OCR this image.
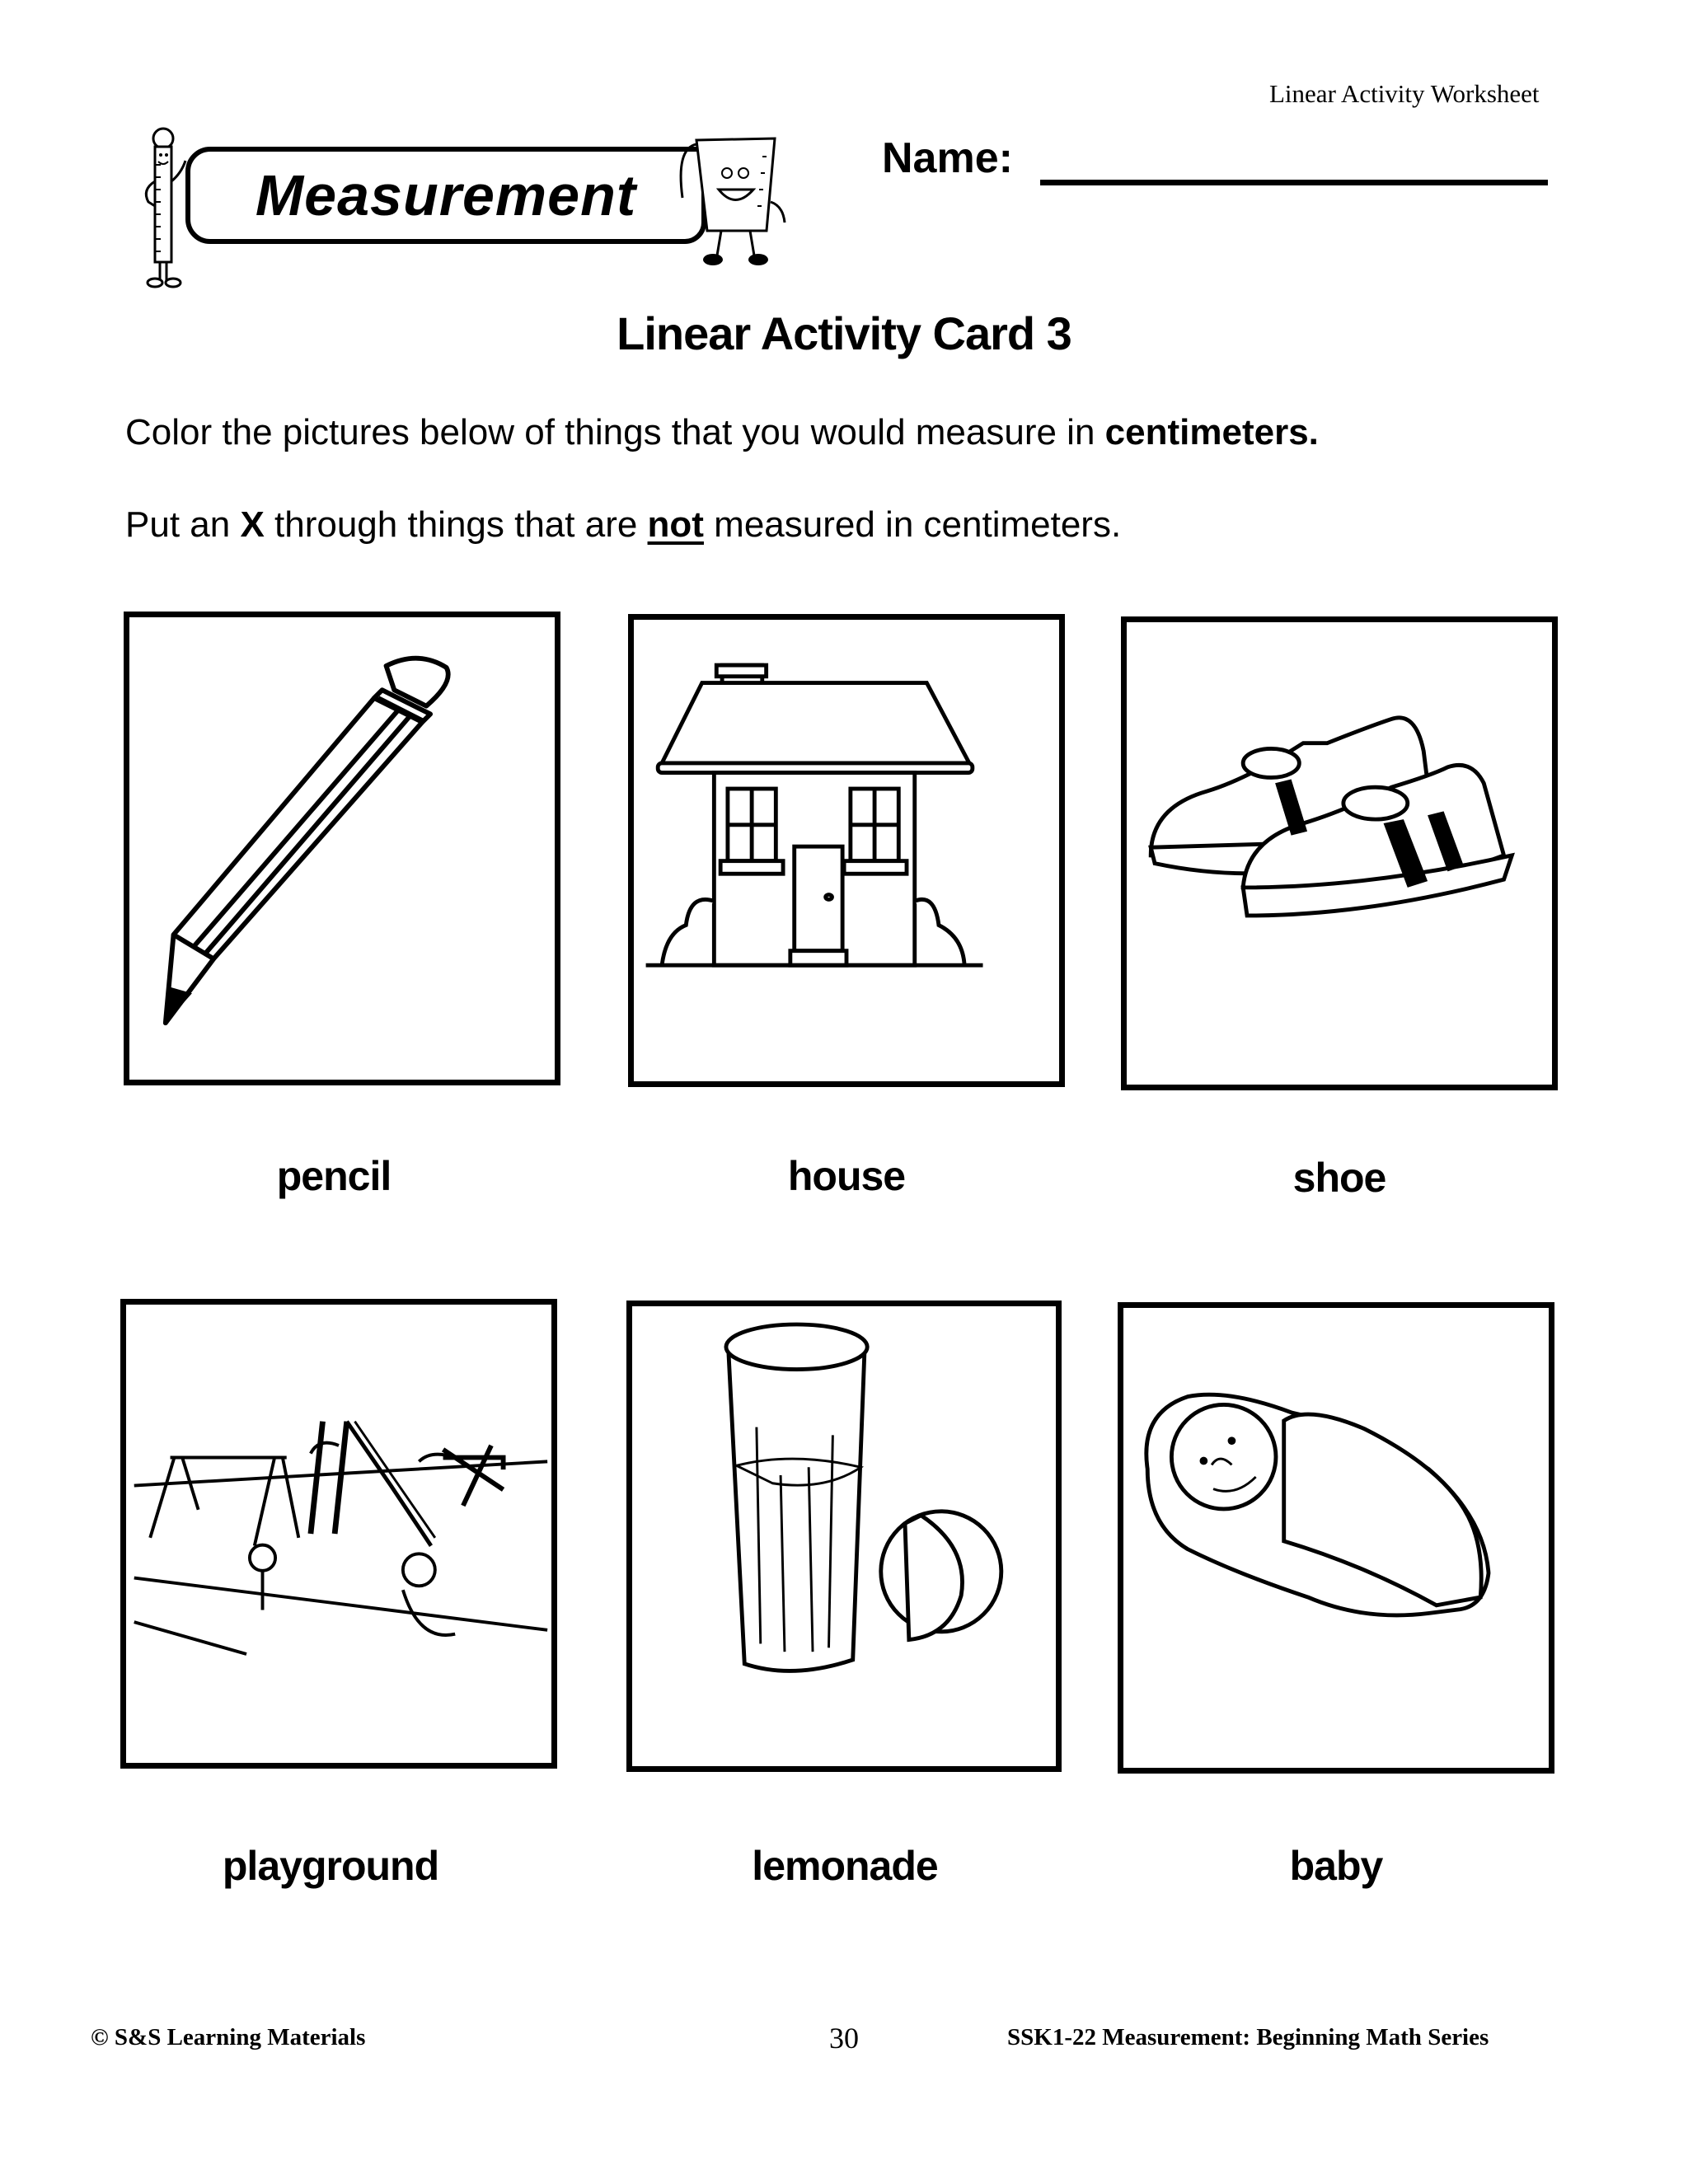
Linear Activity Worksheet
Measurement
Name:
Linear Activity Card 3
Color the pictures below of things that you would measure in centimeters.
Put an X through things that are not measured in centimeters.
pencil	house	shoe
playground	lemonade	baby
© S&S Learning Materials	30	SSK1-22 Measurement: Beginning Math Series
